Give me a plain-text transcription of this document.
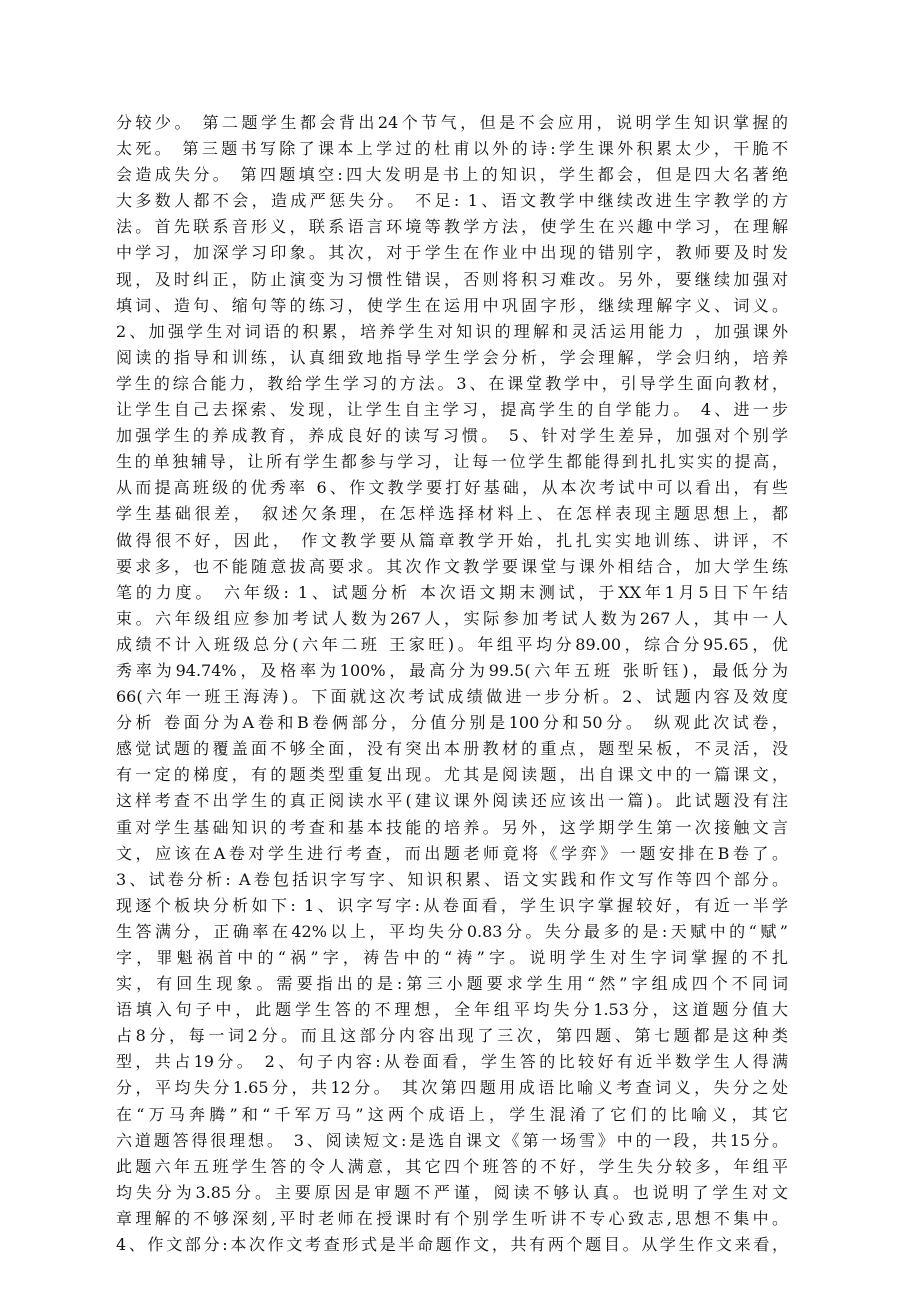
分较少。 第二题学生都会背出24个节气，但是不会应用，说明学生知识掌握的
太死。 第三题书写除了课本上学过的杜甫以外的诗:学生课外积累太少，干脆不
会造成失分。 第四题填空:四大发明是书上的知识，学生都会，但是四大名著绝
大多数人都不会，造成严惩失分。 不足: 1、语文教学中继续改进生字教学的方
法。首先联系音形义，联系语言环境等教学方法，使学生在兴趣中学习，在理解
中学习，加深学习印象。其次，对于学生在作业中出现的错别字，教师要及时发
现，及时纠正，防止演变为习惯性错误，否则将积习难改。另外，要继续加强对
填词、造句、缩句等的练习，使学生在运用中巩固字形，继续理解字义、词义。
2、加强学生对词语的积累，培养学生对知识的理解和灵活运用能力 ，加强课外
阅读的指导和训练，认真细致地指导学生学会分析，学会理解，学会归纳，培养
学生的综合能力，教给学生学习的方法。3、在课堂教学中，引导学生面向教材，
让学生自己去探索、发现，让学生自主学习，提高学生的自学能力。 4、进一步
加强学生的养成教育，养成良好的读写习惯。 5、针对学生差异，加强对个别学
生的单独辅导，让所有学生都参与学习，让每一位学生都能得到扎扎实实的提高，
从而提高班级的优秀率 6、作文教学要打好基础，从本次考试中可以看出，有些
学生基础很差， 叙述欠条理，在怎样选择材料上、在怎样表现主题思想上，都
做得很不好，因此， 作文教学要从篇章教学开始，扎扎实实地训练、讲评，不
要求多，也不能随意拔高要求。其次作文教学要课堂与课外相结合，加大学生练
笔的力度。 六年级: 1、试题分析 本次语文期末测试，于XX年1月5日下午结
束。六年级组应参加考试人数为267人，实际参加考试人数为267人，其中一人
成绩不计入班级总分(六年二班 王家旺)。年组平均分89.00，综合分95.65，优
秀率为94.74%，及格率为100%，最高分为99.5(六年五班 张昕钰)，最低分为
66(六年一班王海涛)。下面就这次考试成绩做进一步分析。2、试题内容及效度
分析 卷面分为A卷和B卷俩部分，分值分别是100分和50分。 纵观此次试卷，
感觉试题的覆盖面不够全面，没有突出本册教材的重点，题型呆板，不灵活，没
有一定的梯度，有的题类型重复出现。尤其是阅读题，出自课文中的一篇课文，
这样考查不出学生的真正阅读水平(建议课外阅读还应该出一篇)。此试题没有注
重对学生基础知识的考查和基本技能的培养。另外，这学期学生第一次接触文言
文，应该在A卷对学生进行考查，而出题老师竟将《学弈》一题安排在B卷了。
3、试卷分析: A卷包括识字写字、知识积累、语文实践和作文写作等四个部分。
现逐个板块分析如下: 1、识字写字:从卷面看，学生识字掌握较好，有近一半学
生答满分，正确率在42%以上，平均失分0.83分。失分最多的是:天赋中的“赋”
字，罪魁祸首中的“祸”字，祷告中的“祷”字。说明学生对生字词掌握的不扎
实，有回生现象。需要指出的是:第三小题要求学生用“然”字组成四个不同词
语填入句子中，此题学生答的不理想，全年组平均失分1.53分，这道题分值大
占8分，每一词2分。而且这部分内容出现了三次，第四题、第七题都是这种类
型，共占19分。 2、句子内容:从卷面看，学生答的比较好有近半数学生人得满
分，平均失分1.65分，共12分。 其次第四题用成语比喻义考查词义，失分之处
在“万马奔腾”和“千军万马”这两个成语上，学生混淆了它们的比喻义，其它
六道题答得很理想。 3、阅读短文:是选自课文《第一场雪》中的一段，共15分。
此题六年五班学生答的令人满意，其它四个班答的不好，学生失分较多，年组平
均失分为3.85分。主要原因是审题不严谨，阅读不够认真。也说明了学生对文
章理解的不够深刻,平时老师在授课时有个别学生听讲不专心致志,思想不集中。
4、作文部分:本次作文考查形式是半命题作文，共有两个题目。从学生作文来看，
